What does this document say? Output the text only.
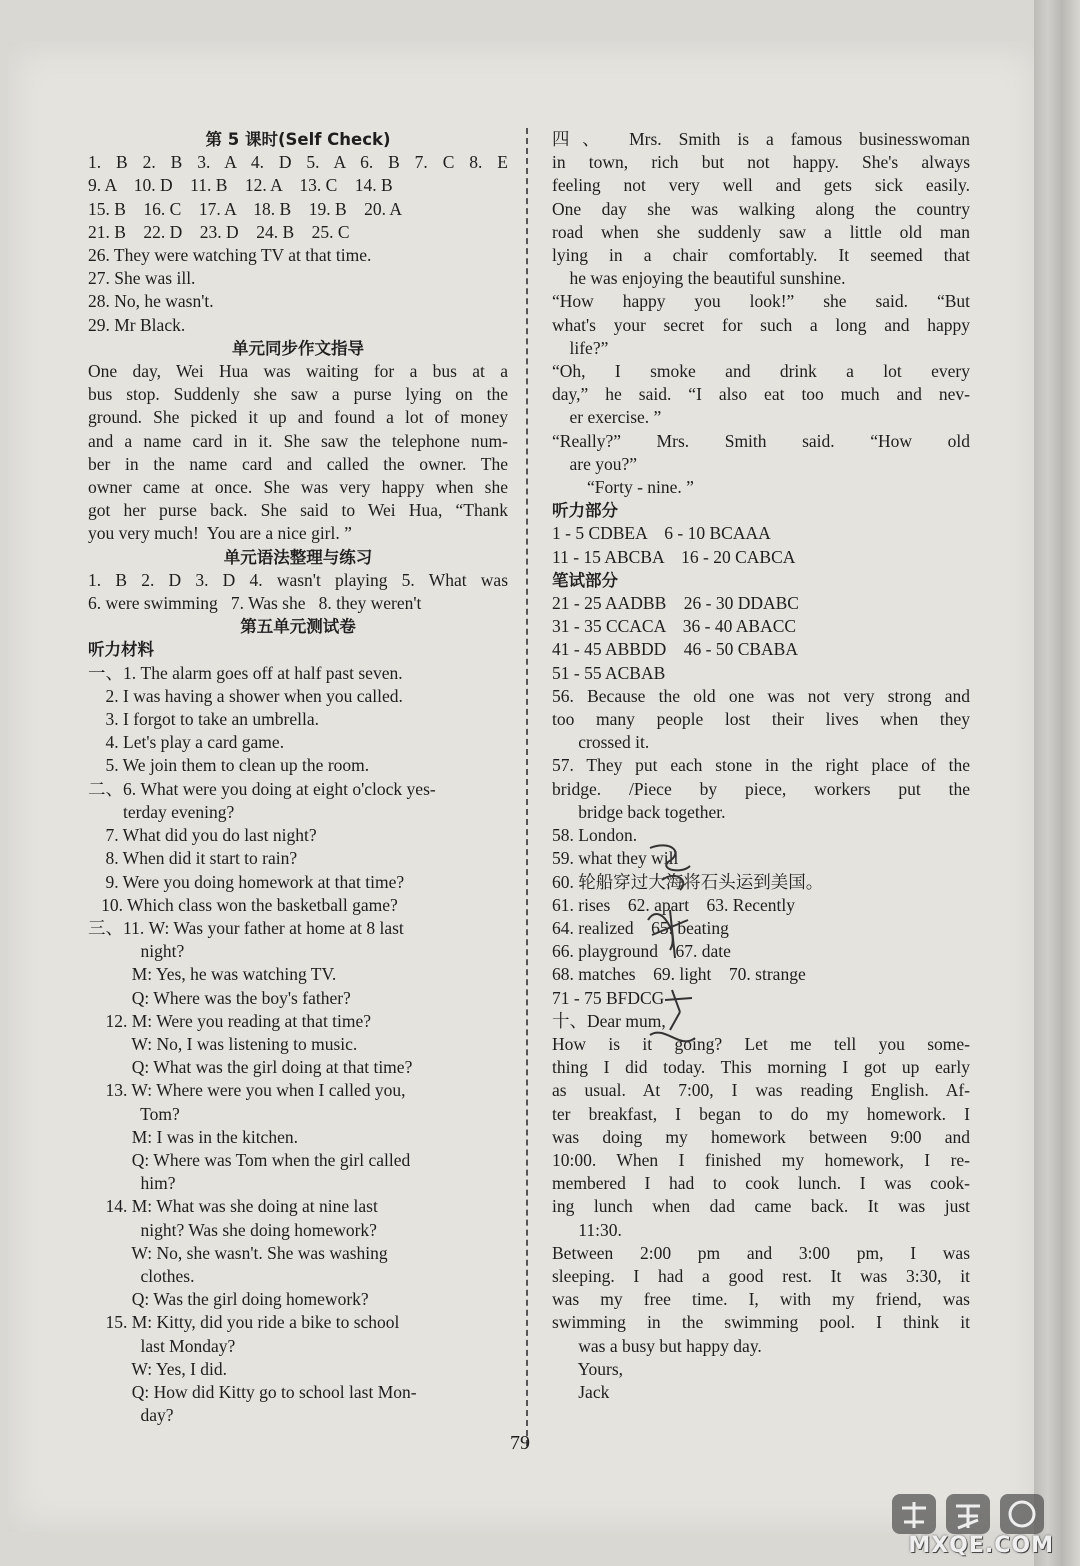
第 5 课时(Self Check)
1. B 2. B 3. A 4. D 5. A 6. B 7. C 8. E
9. A    10. D    11. B    12. A    13. C    14. B
15. B    16. C    17. A    18. B    19. B    20. A
21. B    22. D    23. D    24. B    25. C
26. They were watching TV at that time.
27. She was ill.
28. No, he wasn't.
29. Mr Black.
单元同步作文指导
One day, Wei Hua was waiting for a bus at a
bus stop. Suddenly she saw a purse lying on the
ground. She picked it up and found a lot of money
and a name card in it. She saw the telephone num-
ber in the name card and called the owner. The
owner came at once. She was very happy when she
got her purse back. She said to Wei Hua, “Thank
you very much!  You are a nice girl. ”
单元语法整理与练习
1. B 2. D 3. D 4. wasn't playing 5. What was
6. were swimming   7. Was she   8. they weren't
第五单元测试卷
听力材料
一、1. The alarm goes off at half past seven.
2. I was having a shower when you called.
3. I forgot to take an umbrella.
4. Let's play a card game.
5. We join them to clean up the room.
二、6. What were you doing at eight o'clock yes-
terday evening?
7. What did you do last night?
8. When did it start to rain?
9. Were you doing homework at that time?
10. Which class won the basketball game?
三、11. W: Was your father at home at 8 last
night?
M: Yes, he was watching TV.
Q: Where was the boy's father?
12. M: Were you reading at that time?
W: No, I was listening to music.
Q: What was the girl doing at that time?
13. W: Where were you when I called you,
Tom?
M: I was in the kitchen.
Q: Where was Tom when the girl called
him?
14. M: What was she doing at nine last
night? Was she doing homework?
W: No, she wasn't. She was washing
clothes.
Q: Was the girl doing homework?
15. M: Kitty, did you ride a bike to school
last Monday?
W: Yes, I did.
Q: How did Kitty go to school last Mon-
day?
四、 Mrs. Smith is a famous businesswoman
in town, rich but not happy. She's always
feeling not very well and gets sick easily.
One day she was walking along the country
road when she suddenly saw a little old man
lying in a chair comfortably. It seemed that
he was enjoying the beautiful sunshine.
“How happy you look!” she said. “But
what's your secret for such a long and happy
life?”
“Oh, I smoke and drink a lot every
day,” he said. “I also eat too much and nev-
er exercise. ”
“Really?” Mrs. Smith said. “How old
are you?”
“Forty - nine. ”
听力部分
1 - 5 CDBEA    6 - 10 BCAAA
11 - 15 ABCBA    16 - 20 CABCA
笔试部分
21 - 25 AADBB    26 - 30 DDABC
31 - 35 CCACA    36 - 40 ABACC
41 - 45 ABBDD    46 - 50 CBABA
51 - 55 ACBAB
56. Because the old one was not very strong and
too many people lost their lives when they
crossed it.
57. They put each stone in the right place of the
bridge. /Piece by piece, workers put the
bridge back together.
58. London.
59. what they will
60. 轮船穿过大海将石头运到美国。
61. rises    62. apart    63. Recently
64. realized    65. beating
66. playground    67. date
68. matches    69. light    70. strange
71 - 75 BFDCG
十、Dear mum,
How is it going? Let me tell you some-
thing I did today. This morning I got up early
as usual. At 7:00, I was reading English. Af-
ter breakfast, I began to do my homework. I
was doing my homework between 9:00 and
10:00. When I finished my homework, I re-
membered I had to cook lunch. I was cook-
ing lunch when dad came back. It was just
11:30.
Between 2:00 pm and 3:00 pm, I was
sleeping. I had a good rest. It was 3:30, it
was my free time. I, with my friend, was
swimming in the swimming pool. I think it
was a busy but happy day.
Yours,
Jack
79
MXQE.COM
